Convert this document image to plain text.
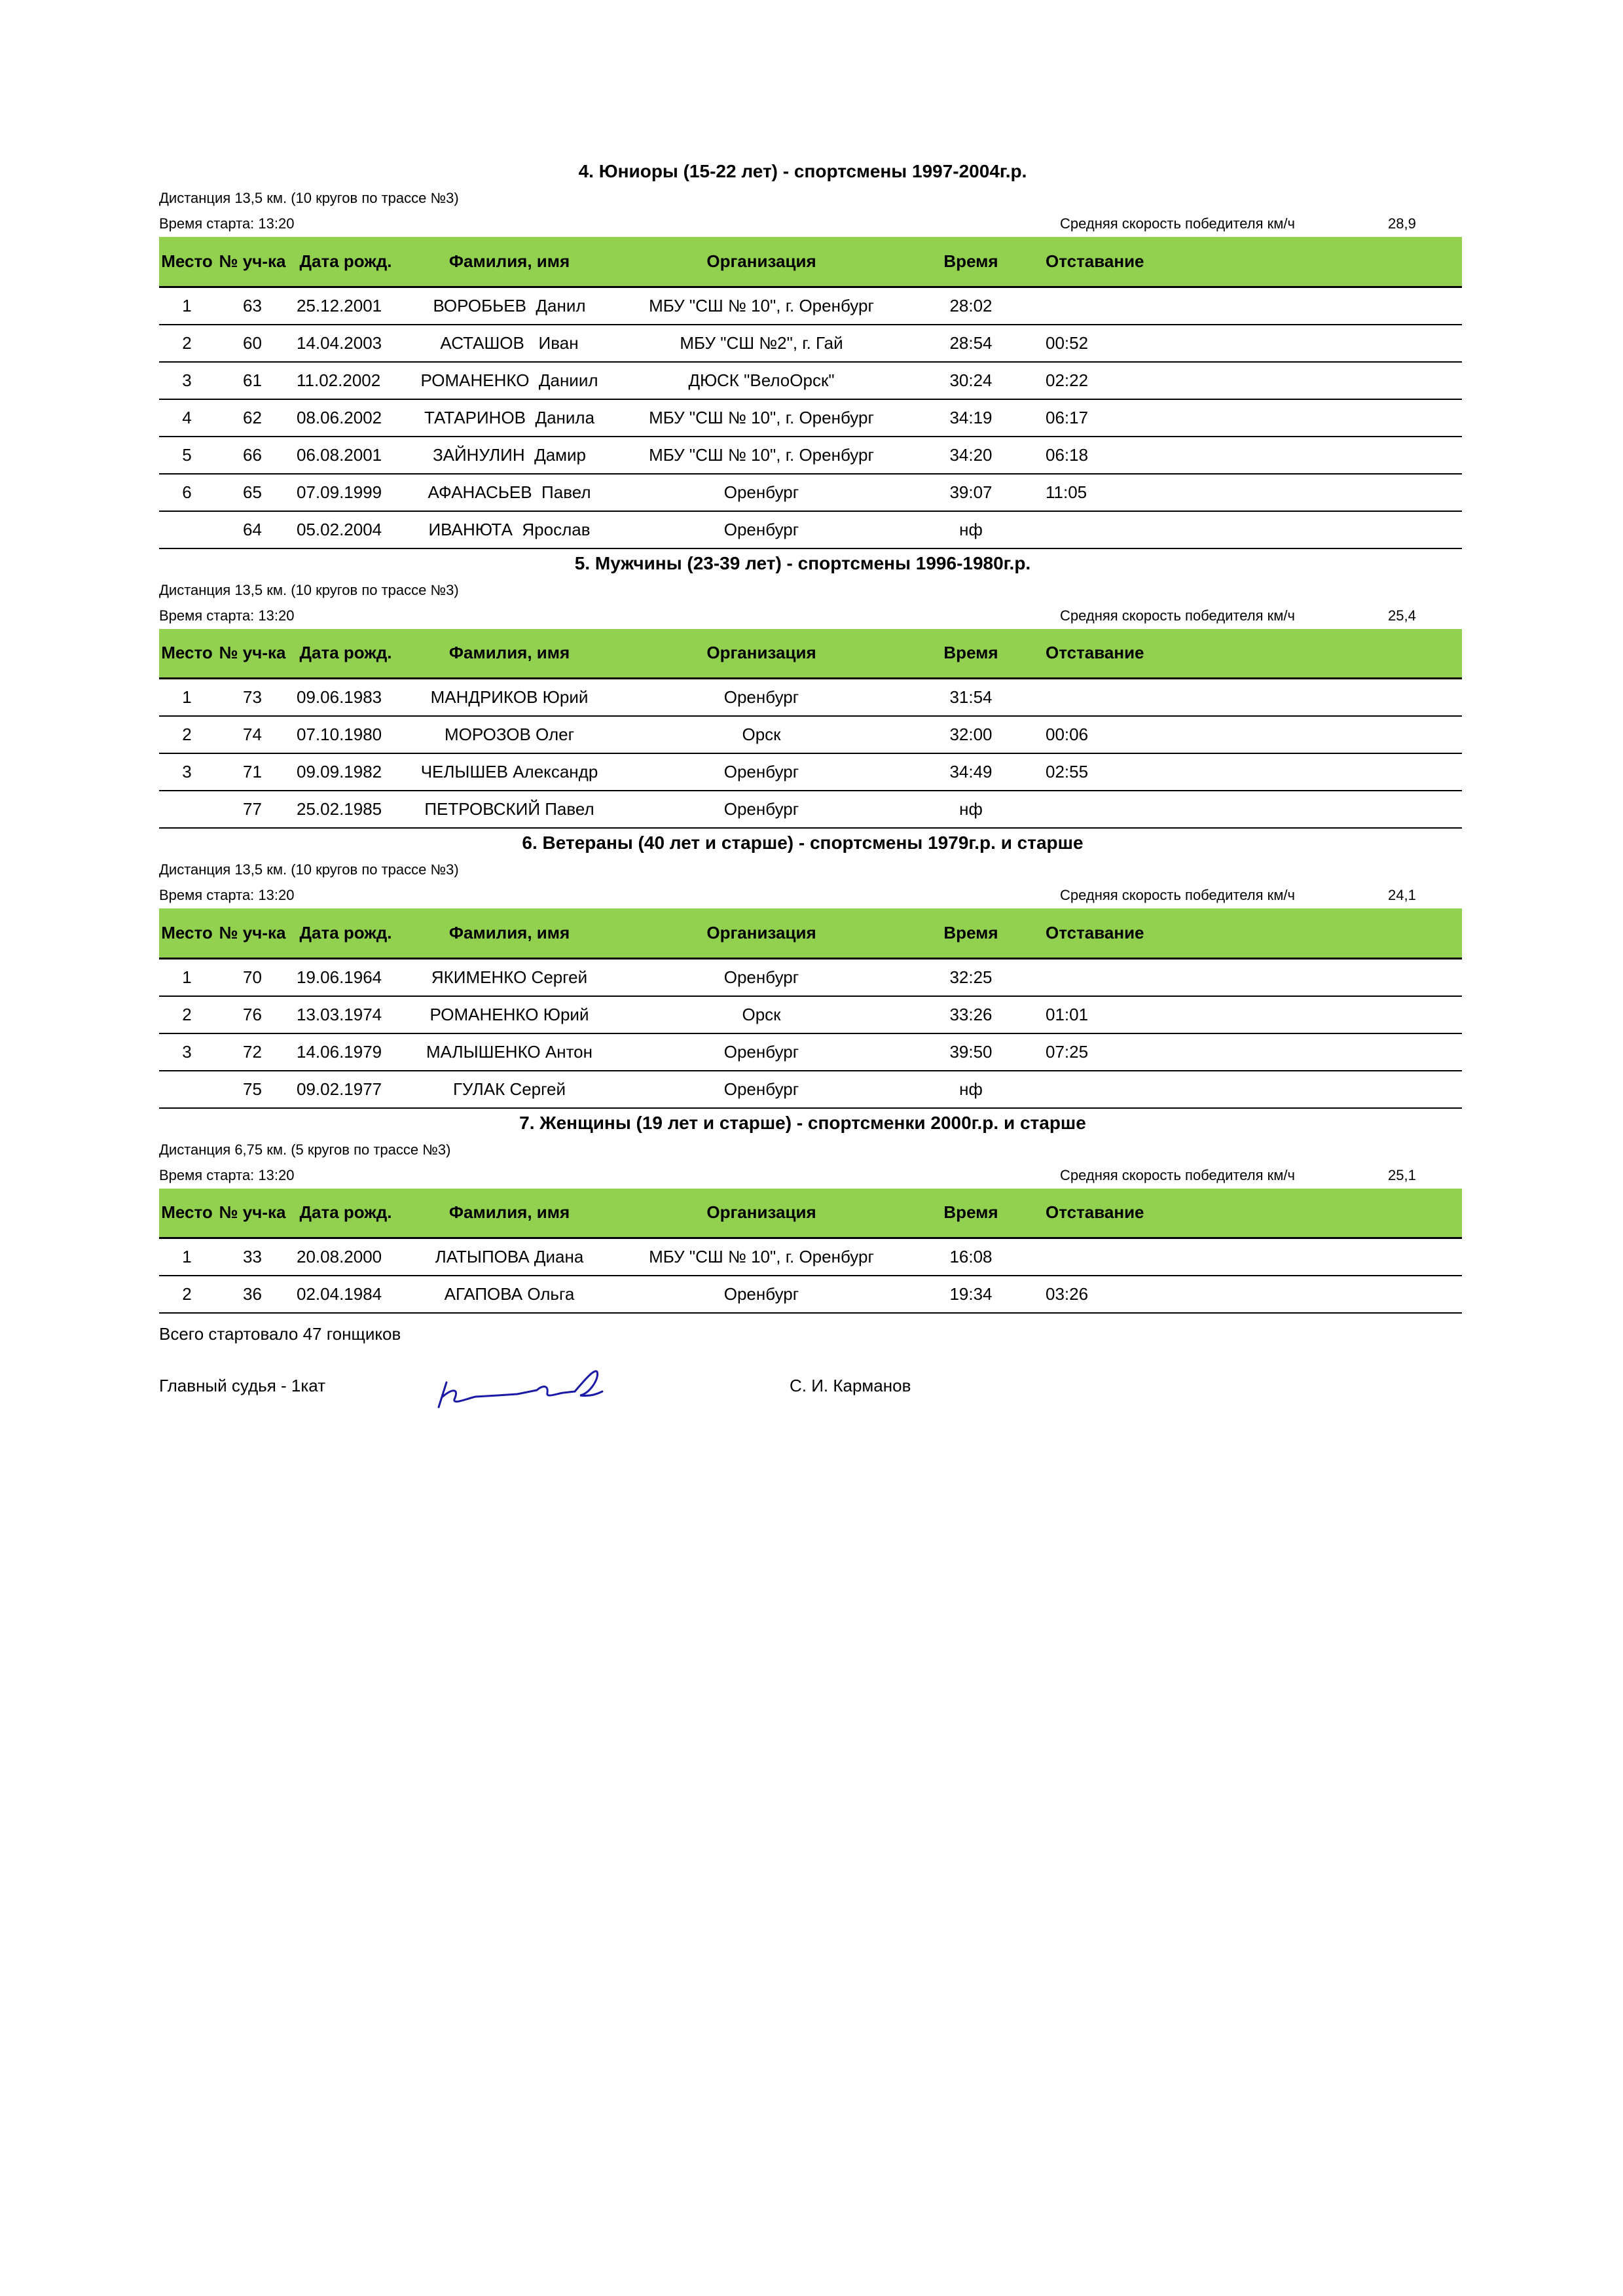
4. Юниоры (15-22 лет) - спортсмены 1997-2004г.р.
Дистанция 13,5 км. (10 кругов по трассе №3)
Время старта: 13:20	Средняя скорость победителя км/ч	28,9
Место	№ уч-ка	Дата рожд.	Фамилия, имя	Организация	Время	Отставание	
1	63	25.12.2001	ВОРОБЬЕВ  Данил	МБУ "СШ № 10", г. Оренбург	28:02		
2	60	14.04.2003	АСТАШОВ   Иван	МБУ "СШ №2", г. Гай	28:54	00:52	
3	61	11.02.2002	РОМАНЕНКО  Даниил	ДЮСК "ВелоОрск"	30:24	02:22	
4	62	08.06.2002	ТАТАРИНОВ  Данила	МБУ "СШ № 10", г. Оренбург	34:19	06:17	
5	66	06.08.2001	ЗАЙНУЛИН  Дамир	МБУ "СШ № 10", г. Оренбург	34:20	06:18	
6	65	07.09.1999	АФАНАСЬЕВ  Павел	Оренбург	39:07	11:05	
	64	05.02.2004	ИВАНЮТА  Ярослав	Оренбург	нф		
5. Мужчины (23-39 лет) - спортсмены 1996-1980г.р.
Дистанция 13,5 км. (10 кругов по трассе №3)
Время старта: 13:20	Средняя скорость победителя км/ч	25,4
Место	№ уч-ка	Дата рожд.	Фамилия, имя	Организация	Время	Отставание	
1	73	09.06.1983	МАНДРИКОВ Юрий	Оренбург	31:54		
2	74	07.10.1980	МОРОЗОВ Олег	Орск	32:00	00:06	
3	71	09.09.1982	ЧЕЛЫШЕВ Александр	Оренбург	34:49	02:55	
	77	25.02.1985	ПЕТРОВСКИЙ Павел	Оренбург	нф		
6. Ветераны (40 лет и старше) - спортсмены 1979г.р. и старше
Дистанция 13,5 км. (10 кругов по трассе №3)
Время старта: 13:20	Средняя скорость победителя км/ч	24,1
Место	№ уч-ка	Дата рожд.	Фамилия, имя	Организация	Время	Отставание	
1	70	19.06.1964	ЯКИМЕНКО Сергей	Оренбург	32:25		
2	76	13.03.1974	РОМАНЕНКО Юрий	Орск	33:26	01:01	
3	72	14.06.1979	МАЛЫШЕНКО Антон	Оренбург	39:50	07:25	
	75	09.02.1977	ГУЛАК Сергей	Оренбург	нф		
7. Женщины (19 лет и старше) - спортсменки 2000г.р. и старше
Дистанция 6,75 км. (5 кругов по трассе №3)
Время старта: 13:20	Средняя скорость победителя км/ч	25,1
Место	№ уч-ка	Дата рожд.	Фамилия, имя	Организация	Время	Отставание	
1	33	20.08.2000	ЛАТЫПОВА Диана	МБУ "СШ № 10", г. Оренбург	16:08		
2	36	02.04.1984	АГАПОВА Ольга	Оренбург	19:34	03:26	
Всего стартовало 47 гонщиков
Главный судья - 1кат	С. И. Карманов
